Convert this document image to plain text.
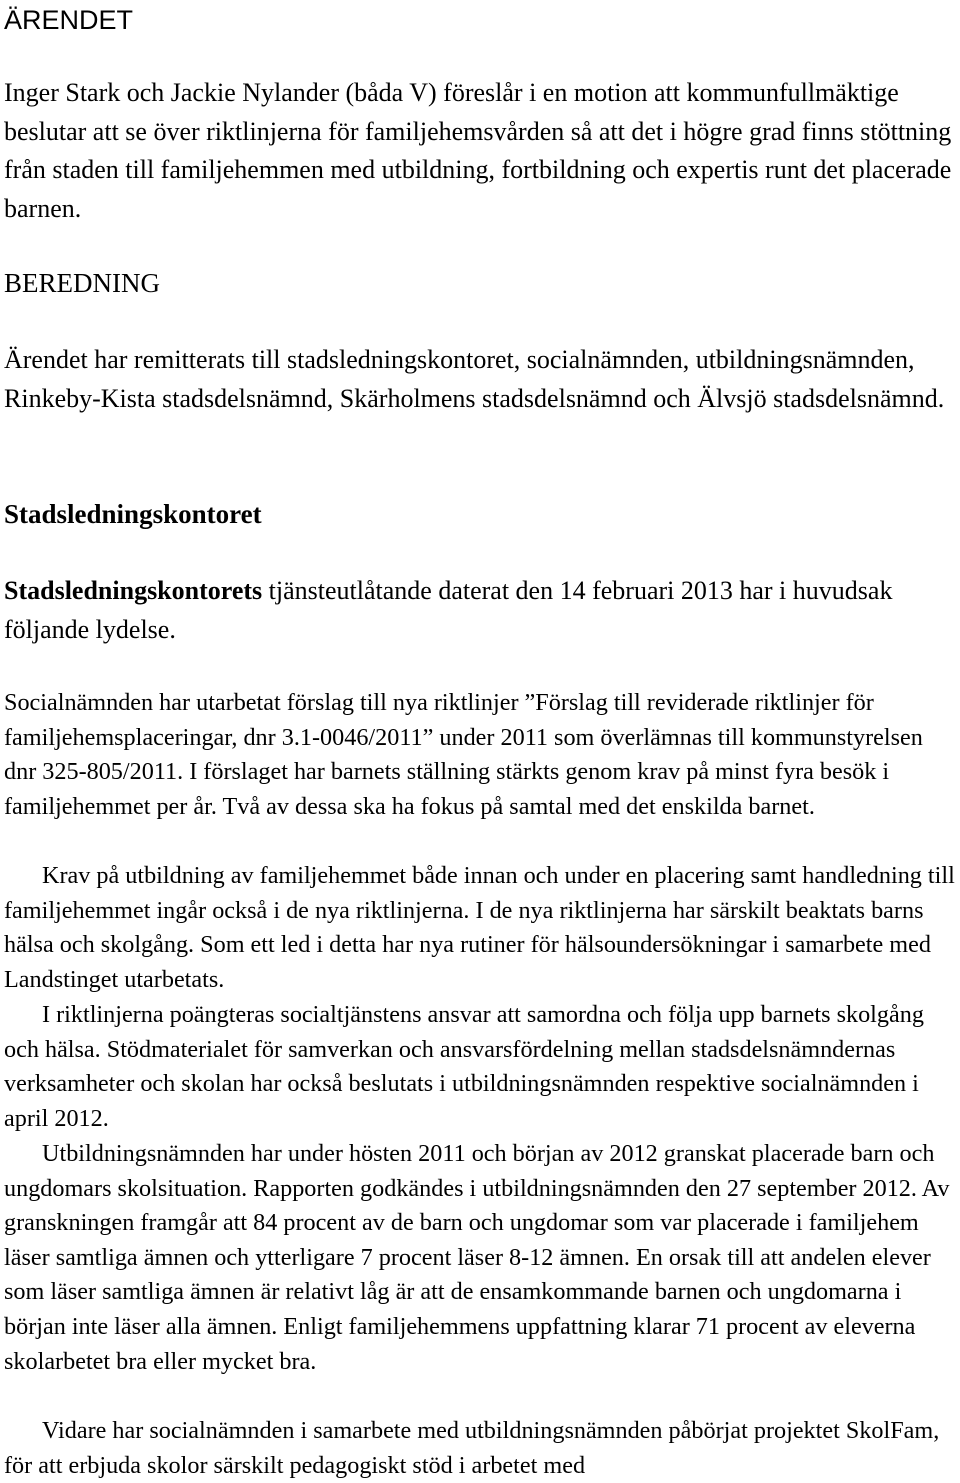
ÄRENDET

Inger Stark och Jackie Nylander (båda V) föreslår i en motion att kommunfullmäktige beslutar att se över riktlinjerna för familjehemsvården så att det i högre grad finns stöttning från staden till familjehemmen med utbildning, fortbildning och expertis runt det placerade barnen.

BEREDNING

Ärendet har remitterats till stadsledningskontoret, socialnämnden, utbildningsnämnden, Rinkeby-Kista stadsdelsnämnd, Skärholmens stadsdelsnämnd och Älvsjö stadsdelsnämnd.

Stadsledningskontoret

Stadsledningskontorets tjänsteutlåtande daterat den 14 februari 2013 har i huvudsak följande lydelse.

Socialnämnden har utarbetat förslag till nya riktlinjer ”Förslag till reviderade riktlinjer för familjehemsplaceringar, dnr 3.1-0046/2011” under 2011 som överlämnas till kommunstyrelsen dnr 325-805/2011. I förslaget har barnets ställning stärkts genom krav på minst fyra besök i familjehemmet per år. Två av dessa ska ha fokus på samtal med det enskilda barnet.

Krav på utbildning av familjehemmet både innan och under en placering samt handledning till familjehemmet ingår också i de nya riktlinjerna. I de nya riktlinjerna har särskilt beaktats barns hälsa och skolgång. Som ett led i detta har nya rutiner för hälsoundersökningar i samarbete med Landstinget utarbetats.

I riktlinjerna poängteras socialtjänstens ansvar att samordna och följa upp barnets skolgång och hälsa. Stödmaterialet för samverkan och ansvarsfördelning mellan stadsdelsnämndernas verksamheter och skolan har också beslutats i utbildningsnämnden respektive socialnämnden i april 2012.

Utbildningsnämnden har under hösten 2011 och början av 2012 granskat placerade barn och ungdomars skolsituation. Rapporten godkändes i utbildningsnämnden den 27 september 2012. Av granskningen framgår att 84 procent av de barn och ungdomar som var placerade i familjehem läser samtliga ämnen och ytterligare 7 procent läser 8-12 ämnen. En orsak till att andelen elever som läser samtliga ämnen är relativt låg är att de ensamkommande barnen och ungdomarna i början inte läser alla ämnen. Enligt familjehemmens uppfattning klarar 71 procent av eleverna skolarbetet bra eller mycket bra.

Vidare har socialnämnden i samarbete med utbildningsnämnden påbörjat projektet SkolFam, för att erbjuda skolor särskilt pedagogiskt stöd i arbetet med
